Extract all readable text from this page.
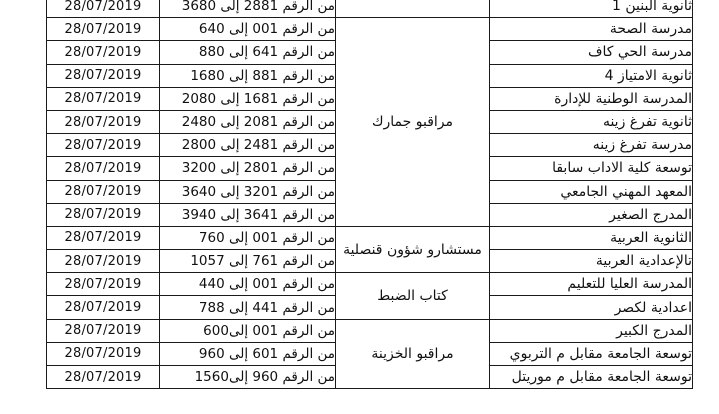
28/07/2019	من الرقم 2881 إلى 3680		ثانوية البنين 1
28/07/2019	من الرقم 001 إلى 640	مراقبو جمارك	مدرسة الصحة
28/07/2019	من الرقم 641 إلى 880		مدرسة الحي كاف
28/07/2019	من الرقم 881 إلى 1680		ثانوية الامتياز 4
28/07/2019	من الرقم 1681 إلى 2080		المدرسة الوطنية للإدارة
28/07/2019	من الرقم 2081 إلى 2480		ثانوية تفرغ زينه
28/07/2019	من الرقم 2481 إلى 2800		مدرسة تفرغ زينه
28/07/2019	من الرقم 2801 إلى 3200		توسعة كلية الاداب سابقا
28/07/2019	من الرقم 3201 إلى 3640		المعهد المهني الجامعي
28/07/2019	من الرقم 3641 إلى 3940		المدرج الصغير
28/07/2019	من الرقم 001 إلى 760	مستشارو شؤون قنصلية	الثانوية العربية
28/07/2019	من الرقم 761 إلى 1057		تالإعدادية العربية
28/07/2019	من الرقم 001 إلى 440	كتاب الضبط	المدرسة العليا للتعليم
28/07/2019	من الرقم 441 إلى 788		اعدادية لكصر
28/07/2019	من الرقم 001 إلى600	مراقبو الخزينة	المدرج الكبير
28/07/2019	من الرقم 601 إلى 960		توسعة الجامعة مقابل م التربوي
28/07/2019	من الرقم 960 إلى1560		توسعة الجامعة مقابل م موريتل
